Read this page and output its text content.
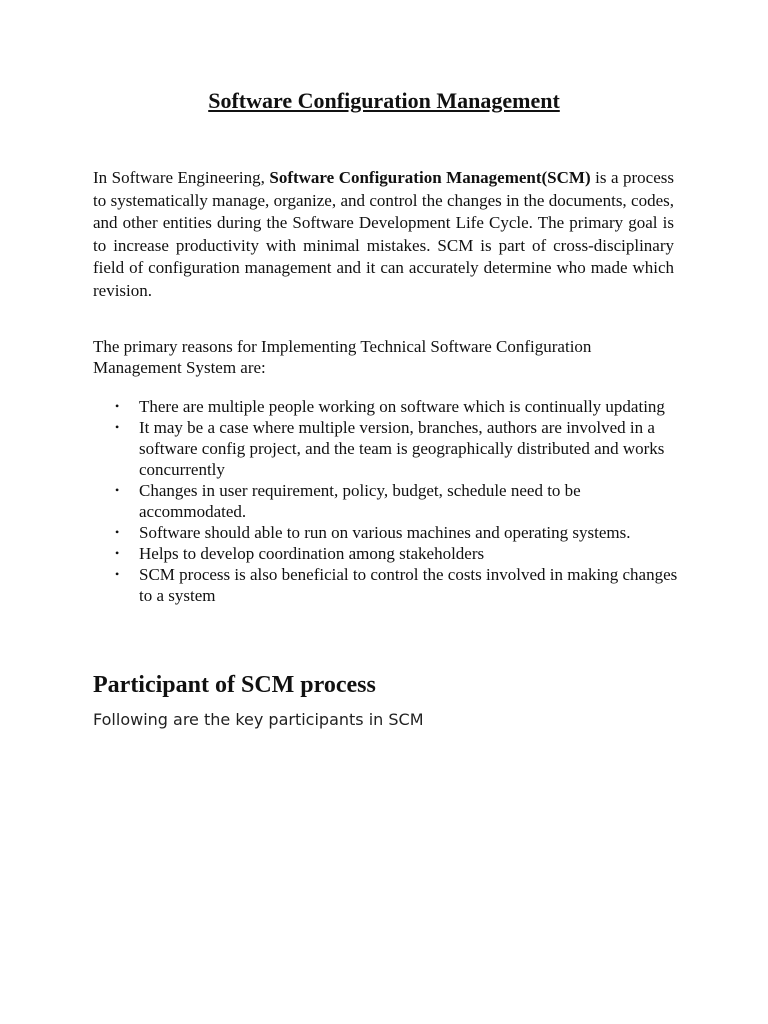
Software Configuration Management

In Software Engineering, Software Configuration Management(SCM) is a process to systematically manage, organize, and control the changes in the documents, codes, and other entities during the Software Development Life Cycle. The primary goal is to increase productivity with minimal mistakes. SCM is part of cross-disciplinary field of configuration management and it can accurately determine who made which revision.

The primary reasons for Implementing Technical Software Configuration Management System are:

• There are multiple people working on software which is continually updating
• It may be a case where multiple version, branches, authors are involved in a software config project, and the team is geographically distributed and works concurrently
• Changes in user requirement, policy, budget, schedule need to be accommodated.
• Software should able to run on various machines and operating systems.
• Helps to develop coordination among stakeholders
• SCM process is also beneficial to control the costs involved in making changes to a system
Participant of SCM process

Following are the key participants in SCM
